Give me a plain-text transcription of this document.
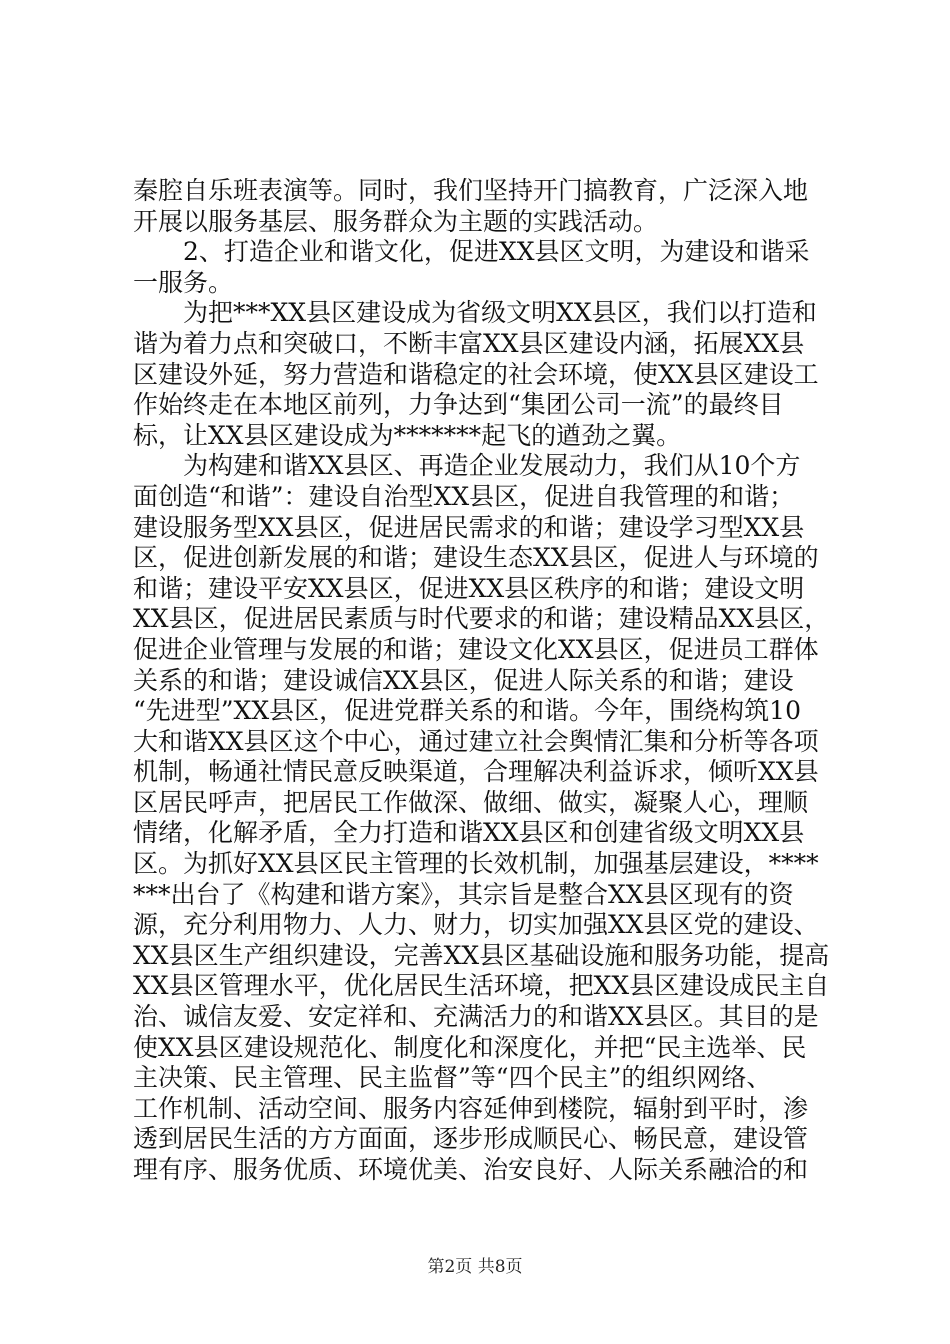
秦腔自乐班表演等。同时，我们坚持开门搞教育，广泛深入地
开展以服务基层、服务群众为主题的实践活动。
　　2、打造企业和谐文化，促进XX县区文明，为建设和谐采
一服务。
　　为把***XX县区建设成为省级文明XX县区，我们以打造和
谐为着力点和突破口，不断丰富XX县区建设内涵，拓展XX县
区建设外延，努力营造和谐稳定的社会环境，使XX县区建设工
作始终走在本地区前列，力争达到“集团公司一流”的最终目
标，让XX县区建设成为*******起飞的遒劲之翼。
　　为构建和谐XX县区、再造企业发展动力，我们从10个方
面创造“和谐”：建设自治型XX县区，促进自我管理的和谐；
建设服务型XX县区，促进居民需求的和谐；建设学习型XX县
区，促进创新发展的和谐；建设生态XX县区，促进人与环境的
和谐；建设平安XX县区，促进XX县区秩序的和谐；建设文明
XX县区，促进居民素质与时代要求的和谐；建设精品XX县区，
促进企业管理与发展的和谐；建设文化XX县区，促进员工群体
关系的和谐；建设诚信XX县区，促进人际关系的和谐；建设
“先进型”XX县区，促进党群关系的和谐。今年，围绕构筑10
大和谐XX县区这个中心，通过建立社会舆情汇集和分析等各项
机制，畅通社情民意反映渠道，合理解决利益诉求，倾听XX县
区居民呼声，把居民工作做深、做细、做实，凝聚人心，理顺
情绪，化解矛盾，全力打造和谐XX县区和创建省级文明XX县
区。为抓好XX县区民主管理的长效机制，加强基层建设，****
***出台了《构建和谐方案》，其宗旨是整合XX县区现有的资
源，充分利用物力、人力、财力，切实加强XX县区党的建设、
XX县区生产组织建设，完善XX县区基础设施和服务功能，提高
XX县区管理水平，优化居民生活环境，把XX县区建设成民主自
治、诚信友爱、安定祥和、充满活力的和谐XX县区。其目的是
使XX县区建设规范化、制度化和深度化，并把“民主选举、民
主决策、民主管理、民主监督”等“四个民主”的组织网络、
工作机制、活动空间、服务内容延伸到楼院，辐射到平时，渗
透到居民生活的方方面面，逐步形成顺民心、畅民意，建设管
理有序、服务优质、环境优美、治安良好、人际关系融洽的和
第2页 共8页
